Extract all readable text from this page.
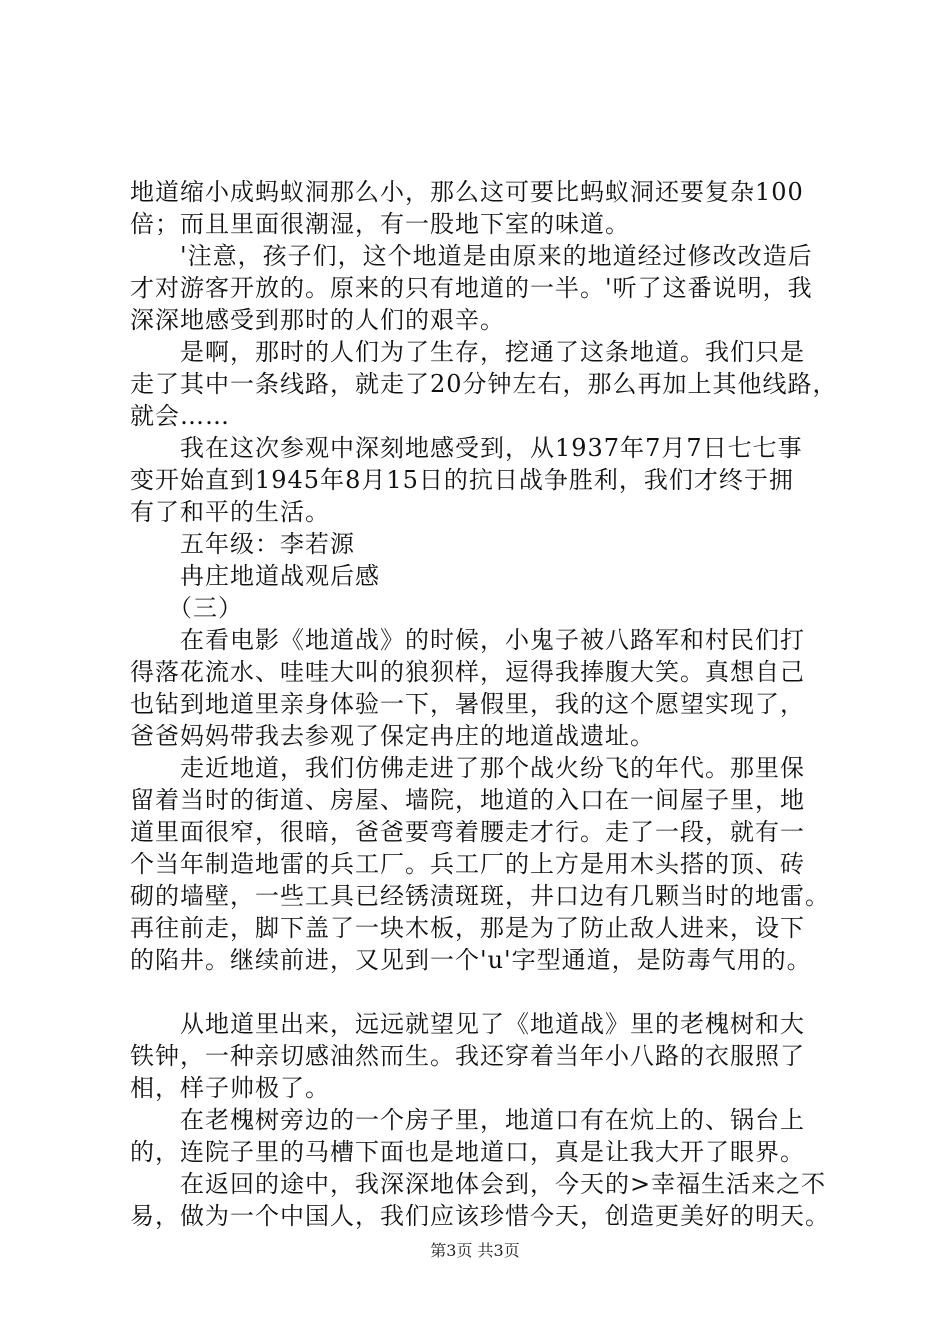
地道缩小成蚂蚁洞那么小，那么这可要比蚂蚁洞还要复杂100
倍；而且里面很潮湿，有一股地下室的味道。
　　'注意，孩子们，这个地道是由原来的地道经过修改改造后
才对游客开放的。原来的只有地道的一半。'听了这番说明，我
深深地感受到那时的人们的艰辛。
　　是啊，那时的人们为了生存，挖通了这条地道。我们只是
走了其中一条线路，就走了20分钟左右，那么再加上其他线路，
就会……
　　我在这次参观中深刻地感受到，从1937年7月7日七七事
变开始直到1945年8月15日的抗日战争胜利，我们才终于拥
有了和平的生活。
　　五年级：李若源
　　冉庄地道战观后感
　　（三）
　　在看电影《地道战》的时候，小鬼子被八路军和村民们打
得落花流水、哇哇大叫的狼狈样，逗得我捧腹大笑。真想自己
也钻到地道里亲身体验一下，暑假里，我的这个愿望实现了，
爸爸妈妈带我去参观了保定冉庄的地道战遗址。
　　走近地道，我们仿佛走进了那个战火纷飞的年代。那里保
留着当时的街道、房屋、墙院，地道的入口在一间屋子里，地
道里面很窄，很暗，爸爸要弯着腰走才行。走了一段，就有一
个当年制造地雷的兵工厂。兵工厂的上方是用木头搭的顶、砖
砌的墙壁，一些工具已经锈渍斑斑，井口边有几颗当时的地雷。
再往前走，脚下盖了一块木板，那是为了防止敌人进来，设下
的陷井。继续前进，又见到一个'u'字型通道，是防毒气用的。
　　从地道里出来，远远就望见了《地道战》里的老槐树和大
铁钟，一种亲切感油然而生。我还穿着当年小八路的衣服照了
相，样子帅极了。
　　在老槐树旁边的一个房子里，地道口有在炕上的、锅台上
的，连院子里的马槽下面也是地道口，真是让我大开了眼界。
　　在返回的途中，我深深地体会到，今天的>幸福生活来之不
易，做为一个中国人，我们应该珍惜今天，创造更美好的明天。
第3页 共3页
